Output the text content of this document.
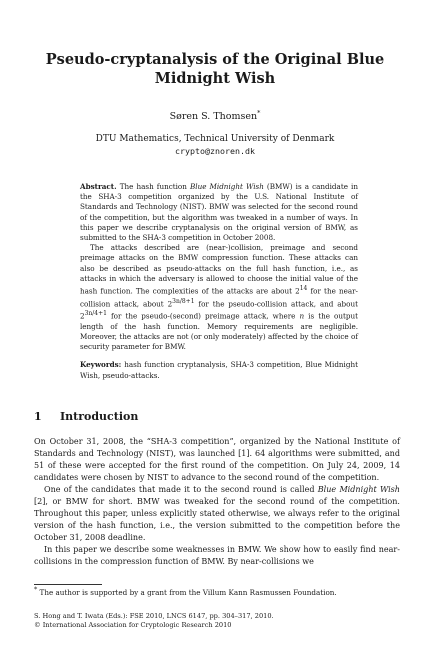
Pseudo-cryptanalysis of the Original Blue
Midnight Wish
Søren S. Thomsen*
DTU Mathematics, Technical University of Denmark
crypto@znoren.dk

Abstract. The hash function Blue Midnight Wish (BMW) is a candidate in the SHA-3 competition organized by the U.S. National Institute of Standards and Technology (NIST). BMW was selected for the second round of the competition, but the algorithm was tweaked in a number of ways. In this paper we describe cryptanalysis on the original version of BMW, as submitted to the SHA-3 competition in October 2008.

The attacks described are (near-)collision, preimage and second preimage attacks on the BMW compression function. These attacks can also be described as pseudo-attacks on the full hash function, i.e., as attacks in which the adversary is allowed to choose the initial value of the hash function. The complexities of the attacks are about $2^{14}$ for the near-collision attack, about $2^{3n/8+1}$ for the pseudo-collision attack, and about $2^{3n/4+1}$ for the pseudo-(second) preimage attack, where n is the output length of the hash function. Memory requirements are negligible. Moreover, the attacks are not (or only moderately) affected by the choice of security parameter for BMW.

Keywords: hash function cryptanalysis, SHA-3 competition, Blue Midnight Wish, pseudo-attacks.

1 Introduction

On October 31, 2008, the “SHA-3 competition”, organized by the National Institute of Standards and Technology (NIST), was launched [1]. 64 algorithms were submitted, and 51 of these were accepted for the first round of the competition. On July 24, 2009, 14 candidates were chosen by NIST to advance to the second round of the competition.

One of the candidates that made it to the second round is called Blue Midnight Wish [2], or BMW for short. BMW was tweaked for the second round of the competition. Throughout this paper, unless explicitly stated otherwise, we always refer to the original version of the hash function, i.e., the version submitted to the competition before the October 31, 2008 deadline.

In this paper we describe some weaknesses in BMW. We show how to easily find near-collisions in the compression function of BMW. By near-collisions we

* The author is supported by a grant from the Villum Kann Rasmussen Foundation.
S. Hong and T. Iwata (Eds.): FSE 2010, LNCS 6147, pp. 304–317, 2010.
© International Association for Cryptologic Research 2010
